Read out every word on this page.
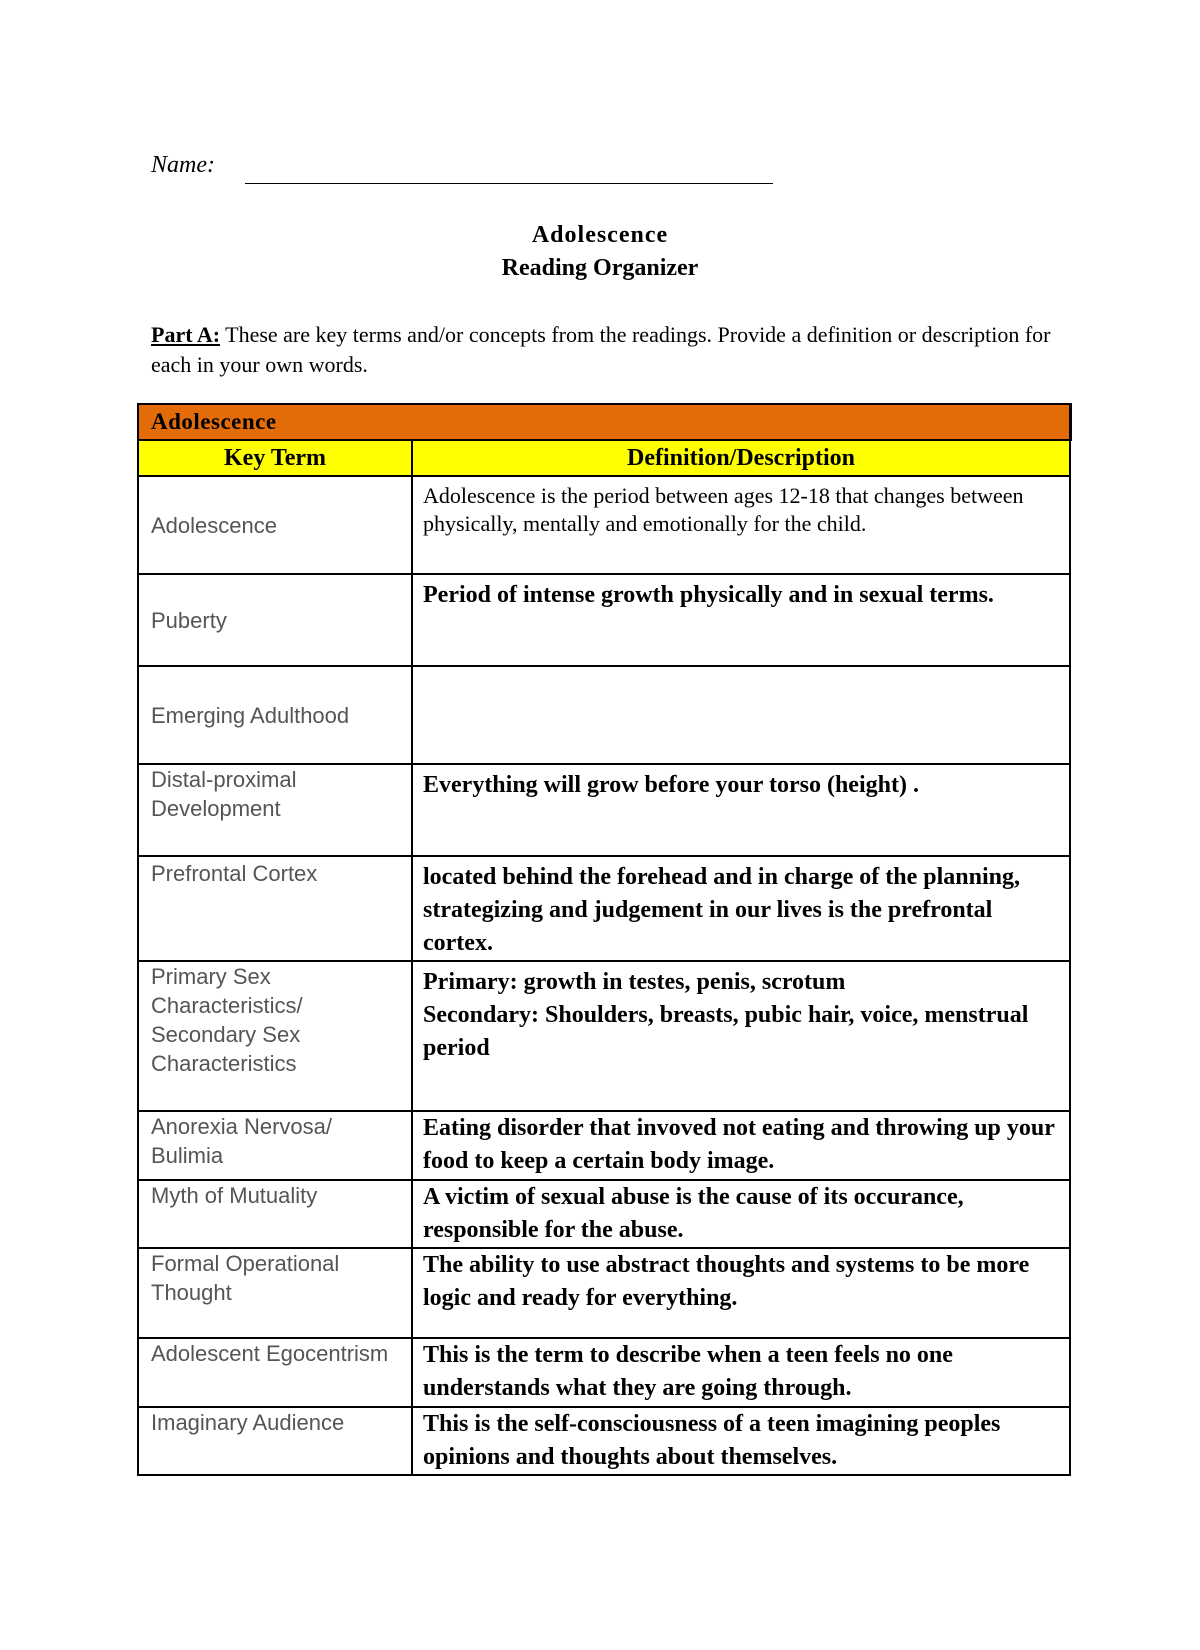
Name:
Adolescence
Reading Organizer
Part A: These are key terms and/or concepts from the readings. Provide a definition or description for each in your own words.
Adolescence	
Key Term	Definition/Description
Adolescence	Adolescence is the period between ages 12-18 that changes between physically, mentally and emotionally for the child.
Puberty	Period of intense growth physically and in sexual terms.
Emerging Adulthood	
Distal-proximal Development	Everything will grow before your torso (height) .
Prefrontal Cortex	located behind the forehead and in charge of the planning, strategizing and judgement in our lives is the prefrontal cortex.
Primary Sex Characteristics/ Secondary Sex Characteristics	Primary: growth in testes, penis, scrotum
Secondary: Shoulders, breasts, pubic hair, voice, menstrual period

Anorexia Nervosa/ Bulimia	Eating disorder that invoved not eating and throwing up your food to keep a certain body image.
Myth of Mutuality	A victim of sexual abuse is the cause of its occurance, responsible for the abuse.
Formal Operational Thought	The ability to use abstract thoughts and systems to be more logic and ready for everything.
Adolescent Egocentrism	This is the term to describe when a teen feels no one understands what they are going through.
Imaginary Audience	This is the self-consciousness of a teen imagining peoples opinions and thoughts about themselves.
